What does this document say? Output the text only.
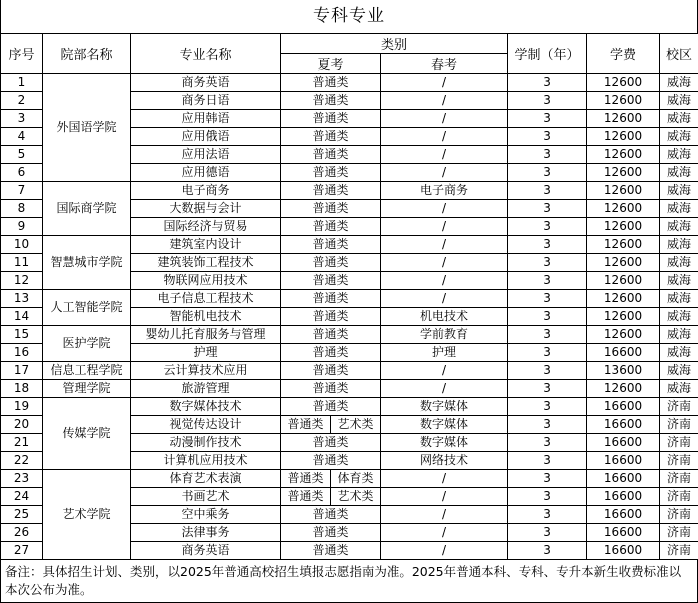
专科专业
序号	院部名称	专业名称	类别			学制（年）	学费	校区
			夏考		春考			
1	外国语学院	商务英语	普通类		/	3	12600	威海
2		商务日语	普通类		/	3	12600	威海
3		应用韩语	普通类		/	3	12600	威海
4		应用俄语	普通类		/	3	12600	威海
5		应用法语	普通类		/	3	12600	威海
6		应用德语	普通类		/	3	12600	威海
7	国际商学院	电子商务	普通类		电子商务	3	12600	威海
8		大数据与会计	普通类		/	3	12600	威海
9		国际经济与贸易	普通类		/	3	12600	威海
10	智慧城市学院	建筑室内设计	普通类		/	3	12600	威海
11		建筑装饰工程技术	普通类		/	3	12600	威海
12		物联网应用技术	普通类		/	3	12600	威海
13	人工智能学院	电子信息工程技术	普通类		/	3	12600	威海
14		智能机电技术	普通类		机电技术	3	12600	威海
15	医护学院	婴幼儿托育服务与管理	普通类		学前教育	3	12600	威海
16		护理	普通类		护理	3	16600	威海
17	信息工程学院	云计算技术应用	普通类		/	3	13600	威海
18	管理学院	旅游管理	普通类		/	3	12600	威海
19	传媒学院	数字媒体技术	普通类		数字媒体	3	16600	济南
20		视觉传达设计	普通类	艺术类	数字媒体	3	16600	济南
21		动漫制作技术	普通类		数字媒体	3	16600	济南
22		计算机应用技术	普通类		网络技术	3	16600	济南
23	艺术学院	体育艺术表演	普通类	体育类	/	3	16600	济南
24		书画艺术	普通类	艺术类	/	3	16600	济南
25		空中乘务	普通类		/	3	16600	济南
26		法律事务	普通类		/	3	16600	济南
27		商务英语	普通类		/	3	16600	济南
备注：具体招生计划、类别，以2025年普通高校招生填报志愿指南为准。2025年普通本科、专科、专升本新生收费标准以本次公布为准。
